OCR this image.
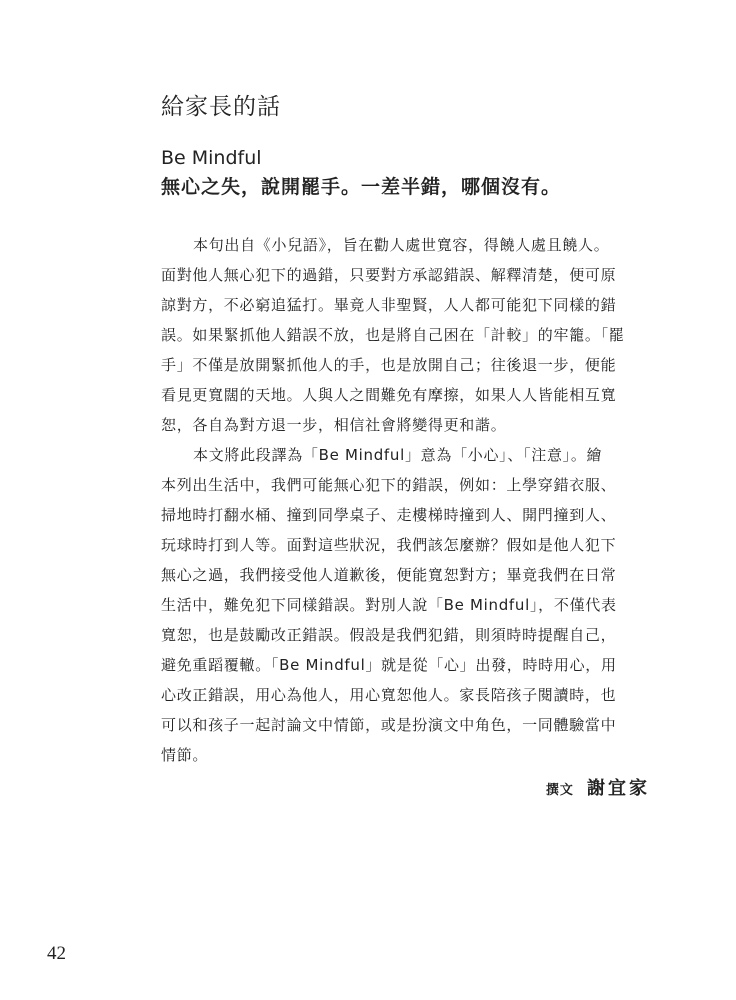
給家長的話
Be Mindful
無心之失，說開罷手。一差半錯，哪個沒有。
本句出自《小兒語》，旨在勸人處世寬容，得饒人處且饒人。
面對他人無心犯下的過錯，只要對方承認錯誤、解釋清楚，便可原
諒對方，不必窮追猛打。畢竟人非聖賢，人人都可能犯下同樣的錯
誤。如果緊抓他人錯誤不放，也是將自己困在「計較」的牢籠。「罷
手」不僅是放開緊抓他人的手，也是放開自己；往後退一步，便能
看見更寬闊的天地。人與人之間難免有摩擦，如果人人皆能相互寬
恕，各自為對方退一步，相信社會將變得更和諧。
本文將此段譯為「Be Mindful」意為「小心」、「注意」。繪
本列出生活中，我們可能無心犯下的錯誤，例如：上學穿錯衣服、
掃地時打翻水桶、撞到同學桌子、走樓梯時撞到人、開門撞到人、
玩球時打到人等。面對這些狀況，我們該怎麼辦？假如是他人犯下
無心之過，我們接受他人道歉後，便能寬恕對方；畢竟我們在日常
生活中，難免犯下同樣錯誤。對別人說「Be Mindful」，不僅代表
寬恕，也是鼓勵改正錯誤。假設是我們犯錯，則須時時提醒自己，
避免重蹈覆轍。「Be Mindful」就是從「心」出發，時時用心，用
心改正錯誤，用心為他人，用心寬恕他人。家長陪孩子閱讀時，也
可以和孩子一起討論文中情節，或是扮演文中角色，一同體驗當中
情節。
撰文 謝宜家
42
